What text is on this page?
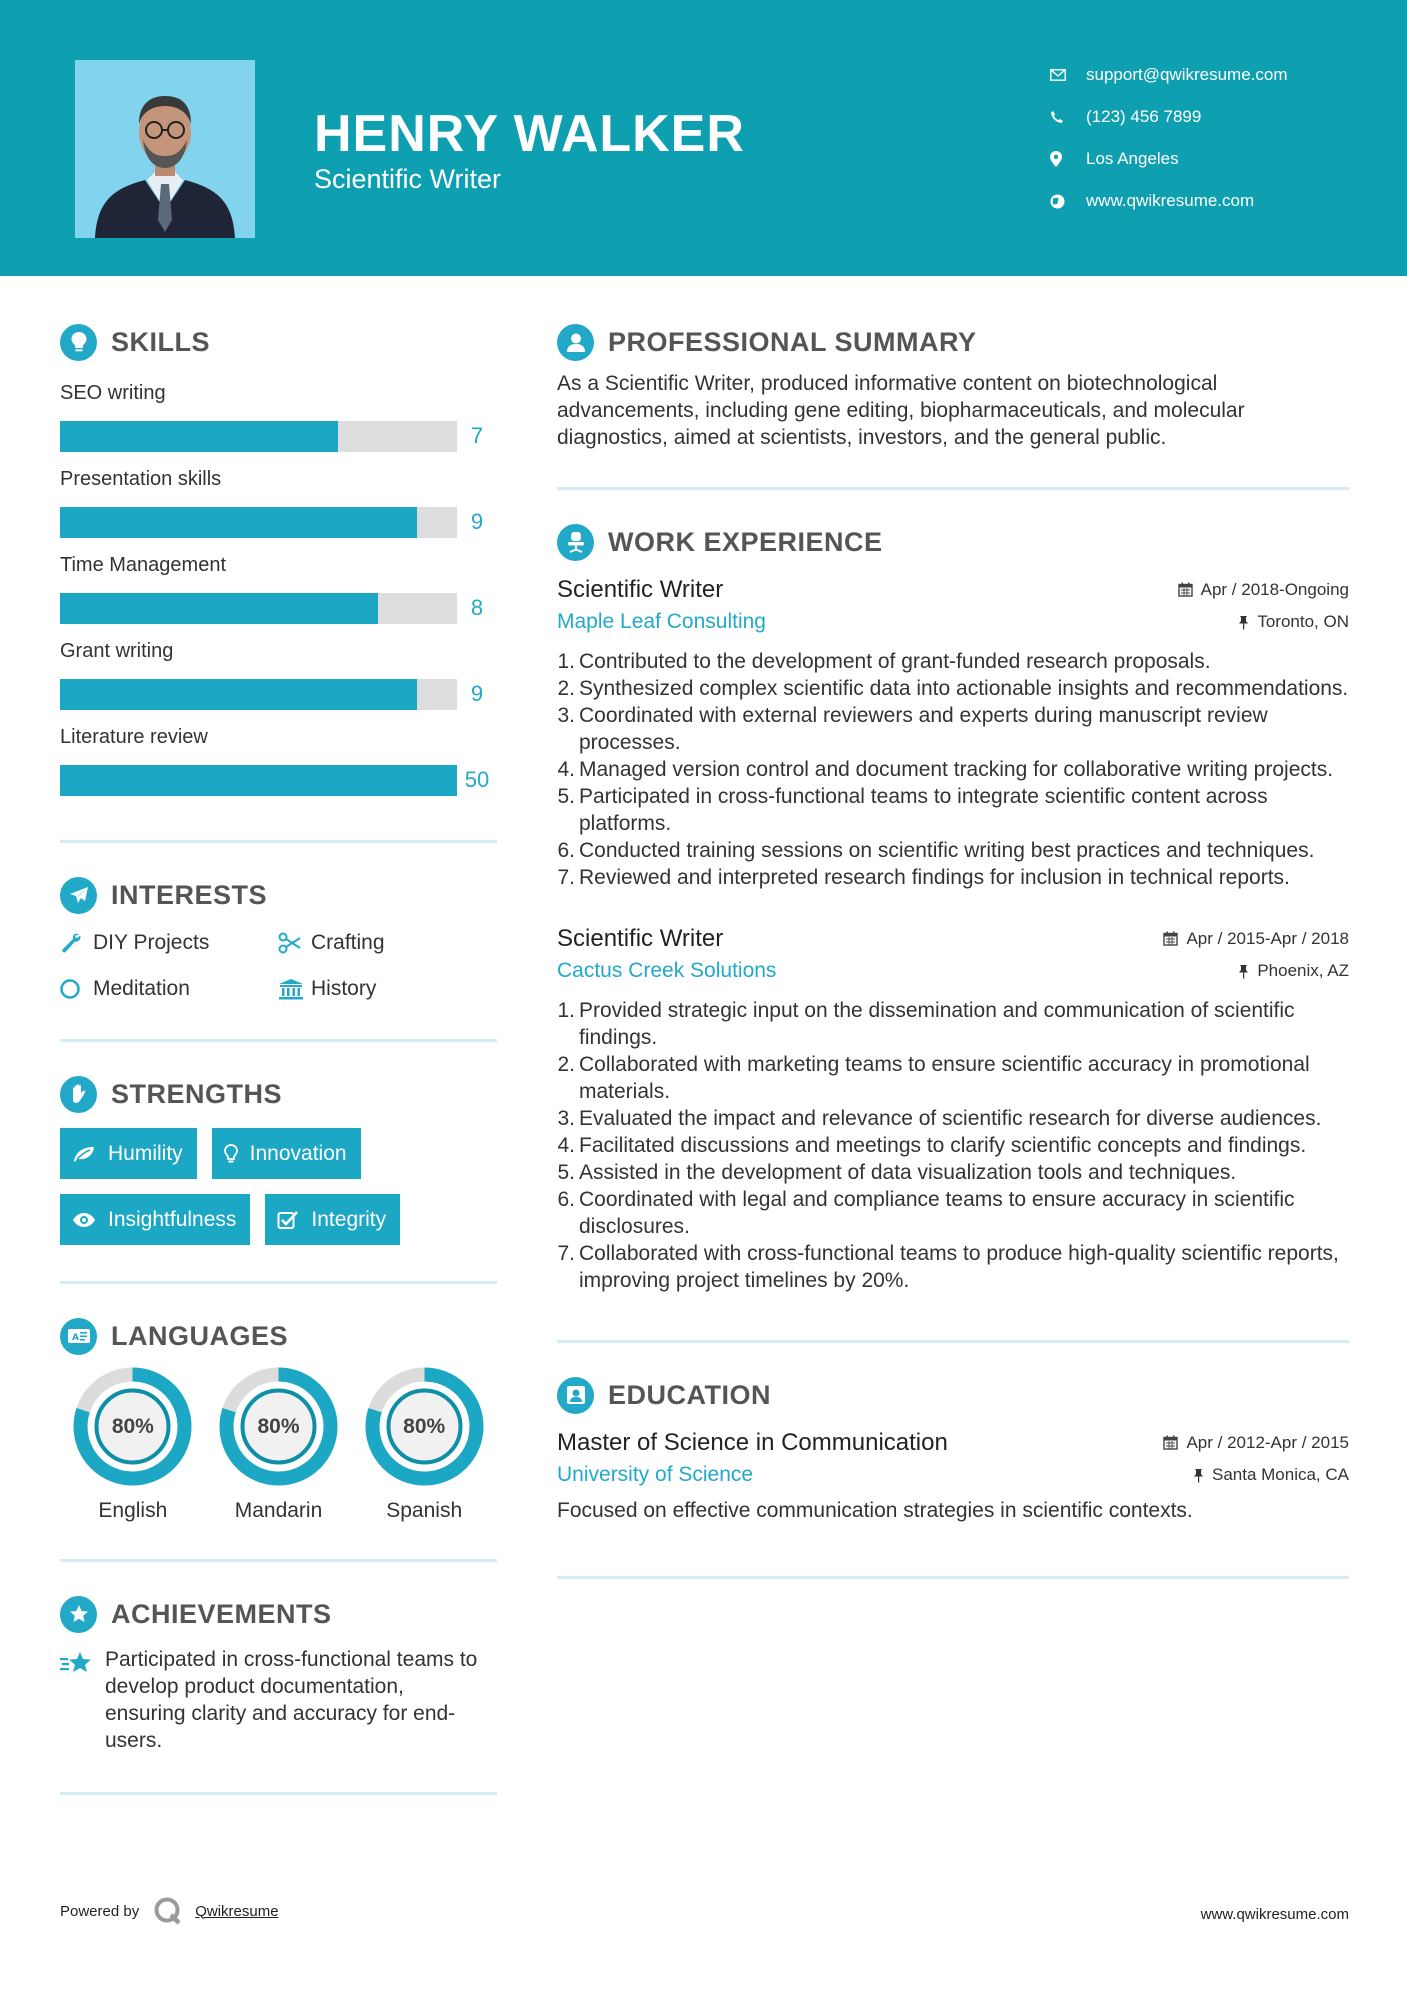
HENRY WALKER
Scientific Writer
support@qwikresume.com
(123) 456 7899
Los Angeles
www.qwikresume.com
SKILLS
SEO writing
7
Presentation skills
9
Time Management
8
Grant writing
9
Literature review
50
INTERESTS
DIY Projects	Crafting
Meditation	History
STRENGTHS
Humility	Innovation
Insightfulness	Integrity
A LANGUAGES
80%
English
80%
Mandarin
80%
Spanish
ACHIEVEMENTS
Participated in cross-functional teams to develop product documentation, ensuring clarity and accuracy for end-users.
PROFESSIONAL SUMMARY
As a Scientific Writer, produced informative content on biotechnological advancements, including gene editing, biopharmaceuticals, and molecular diagnostics, aimed at scientists, investors, and the general public.
WORK EXPERIENCE
Scientific Writer	Apr / 2018-Ongoing
Maple Leaf Consulting	Toronto, ON
1. Contributed to the development of grant-funded research proposals.
2. Synthesized complex scientific data into actionable insights and recommendations.
3. Coordinated with external reviewers and experts during manuscript review processes.
4. Managed version control and document tracking for collaborative writing projects.
5. Participated in cross-functional teams to integrate scientific content across platforms.
6. Conducted training sessions on scientific writing best practices and techniques.
7. Reviewed and interpreted research findings for inclusion in technical reports.
Scientific Writer	Apr / 2015-Apr / 2018
Cactus Creek Solutions	Phoenix, AZ
1. Provided strategic input on the dissemination and communication of scientific findings.
2. Collaborated with marketing teams to ensure scientific accuracy in promotional materials.
3. Evaluated the impact and relevance of scientific research for diverse audiences.
4. Facilitated discussions and meetings to clarify scientific concepts and findings.
5. Assisted in the development of data visualization tools and techniques.
6. Coordinated with legal and compliance teams to ensure accuracy in scientific disclosures.
7. Collaborated with cross-functional teams to produce high-quality scientific reports, improving project timelines by 20%.
EDUCATION
Master of Science in Communication	Apr / 2012-Apr / 2015
University of Science	Santa Monica, CA
Focused on effective communication strategies in scientific contexts.
Powered by	Qwikresume	www.qwikresume.com
